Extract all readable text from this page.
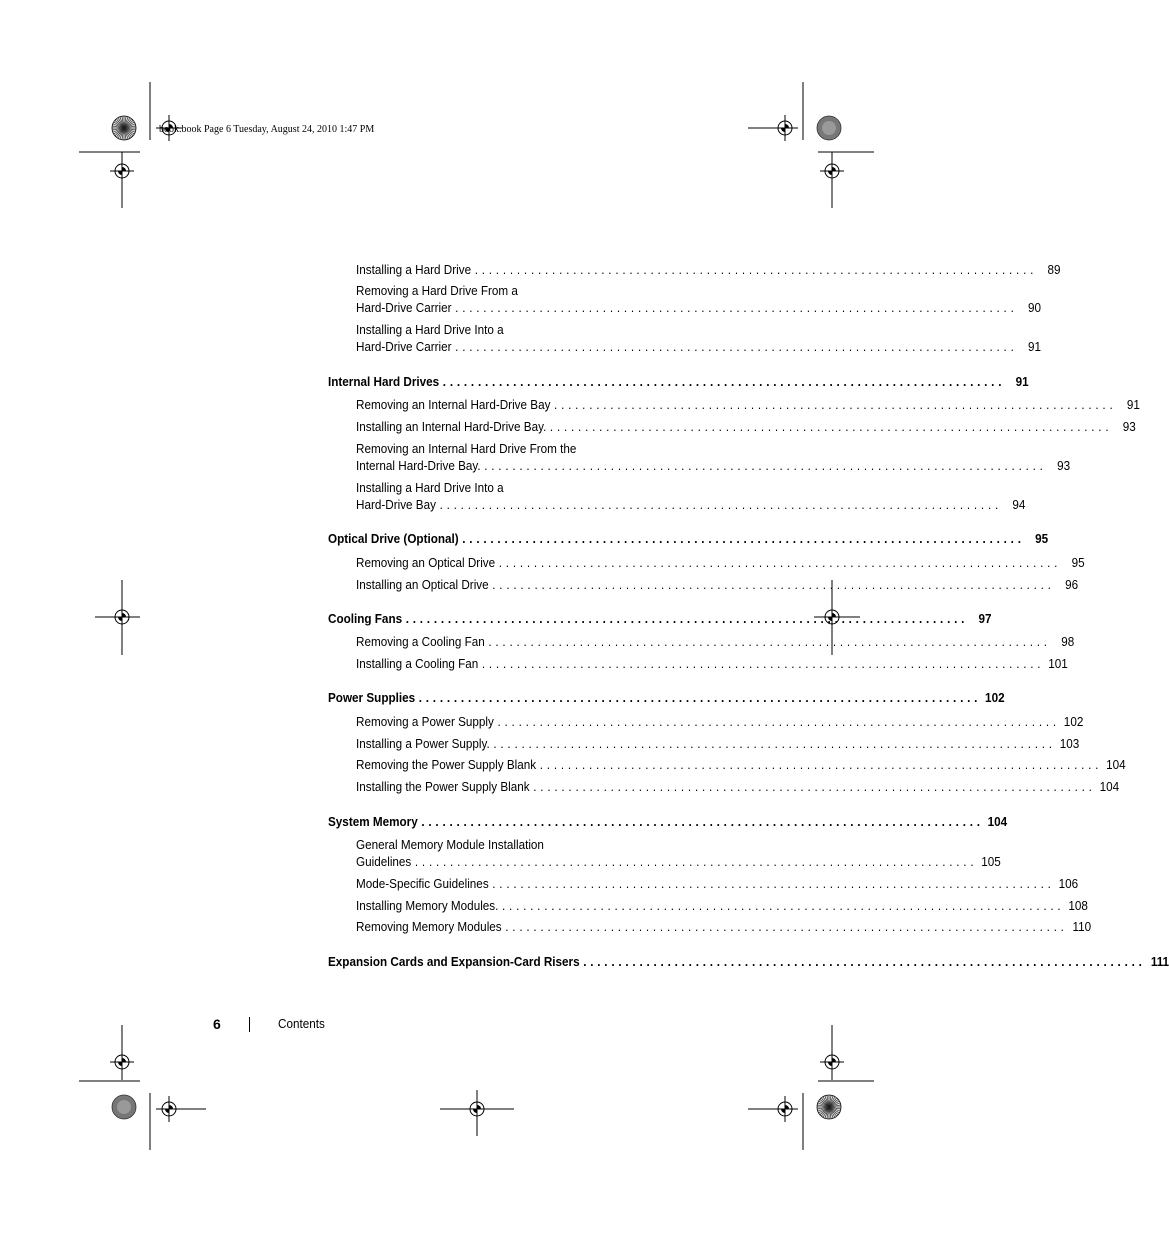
book.book Page 6 Tuesday, August 24, 2010 1:47 PM
Installing a Hard Drive ................................................................................ 89
Removing a Hard Drive From a
Hard-Drive Carrier ................................................................................ 90
Installing a Hard Drive Into a
Hard-Drive Carrier ................................................................................ 91
Internal Hard Drives ................................................................................ 91
Removing an Internal Hard-Drive Bay ................................................................................ 91
Installing an Internal Hard-Drive Bay. ................................................................................ 93
Removing an Internal Hard Drive From the
Internal Hard-Drive Bay. ................................................................................ 93
Installing a Hard Drive Into a
Hard-Drive Bay ................................................................................ 94
Optical Drive (Optional) ................................................................................ 95
Removing an Optical Drive ................................................................................ 95
Installing an Optical Drive ................................................................................ 96
Cooling Fans ................................................................................ 97
Removing a Cooling Fan ................................................................................ 98
Installing a Cooling Fan ................................................................................ 101
Power Supplies ................................................................................ 102
Removing a Power Supply ................................................................................ 102
Installing a Power Supply. ................................................................................ 103
Removing the Power Supply Blank ................................................................................ 104
Installing the Power Supply Blank ................................................................................ 104
System Memory ................................................................................ 104
General Memory Module Installation
Guidelines ................................................................................ 105
Mode-Specific Guidelines ................................................................................ 106
Installing Memory Modules. ................................................................................ 108
Removing Memory Modules ................................................................................ 110
Expansion Cards and Expansion-Card Risers ................................................................................ 111
6	Contents
